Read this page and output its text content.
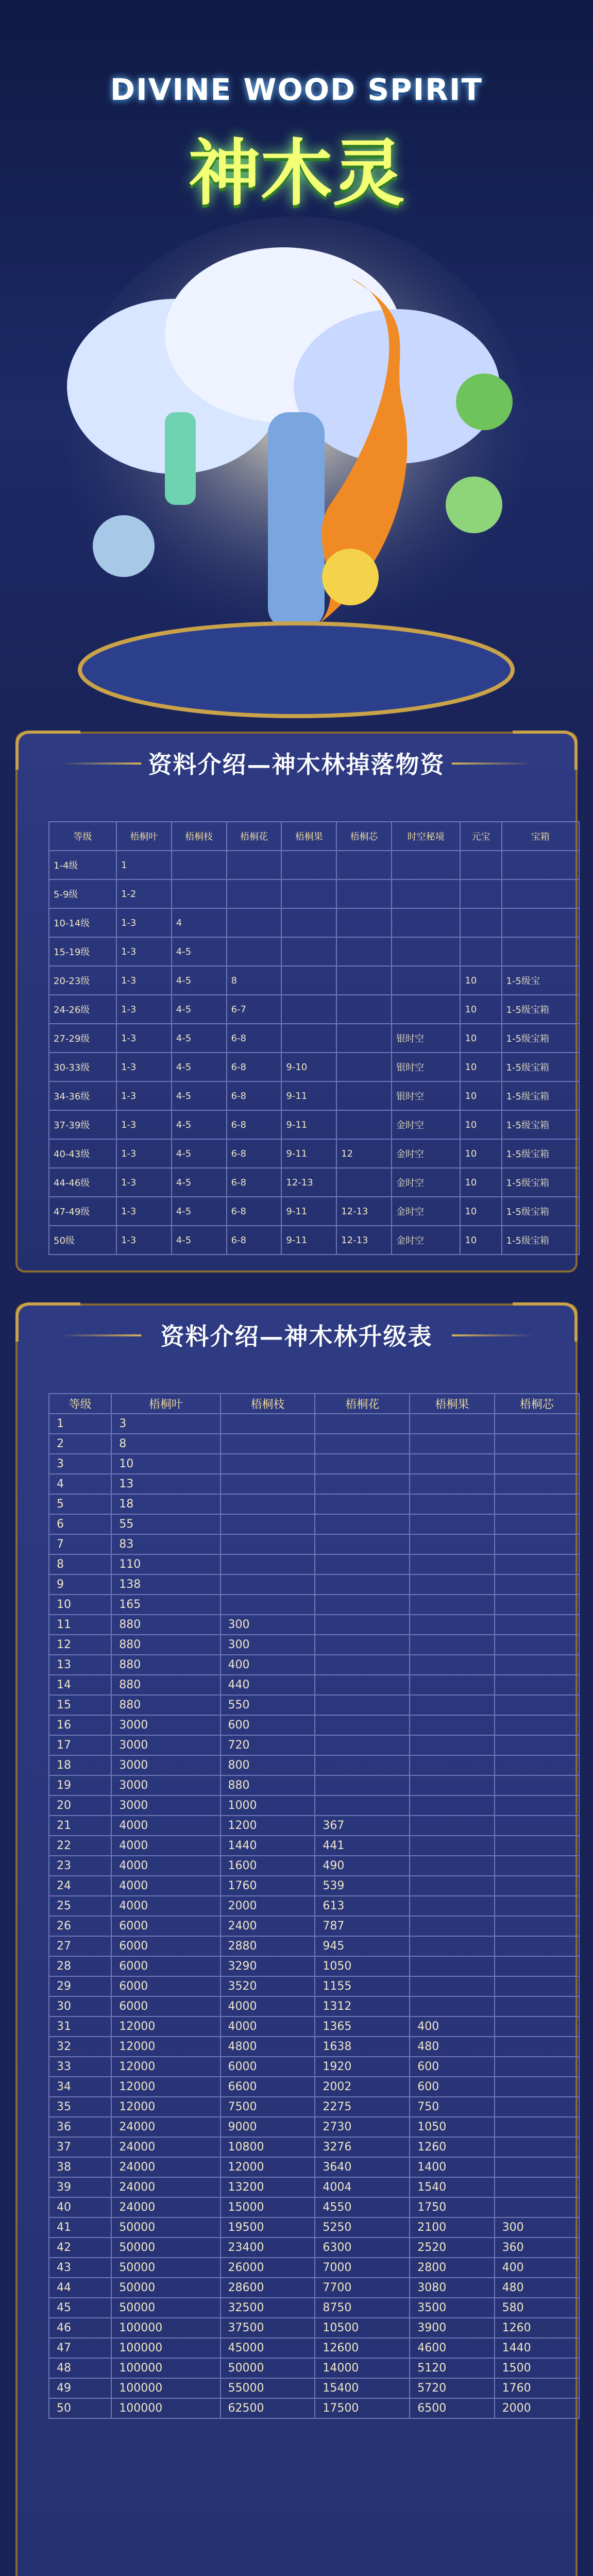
DIVINE WOOD SPIRIT
神木灵
资料介绍—神木林掉落物资
等级	梧桐叶	梧桐枝	梧桐花	梧桐果	梧桐芯	时空秘境	元宝	宝箱
1-4级	1							
5-9级	1-2							
10-14级	1-3	4						
15-19级	1-3	4-5						
20-23级	1-3	4-5	8				10	1-5级宝
24-26级	1-3	4-5	6-7				10	1-5级宝箱
27-29级	1-3	4-5	6-8			银时空	10	1-5级宝箱
30-33级	1-3	4-5	6-8	9-10		银时空	10	1-5级宝箱
34-36级	1-3	4-5	6-8	9-11		银时空	10	1-5级宝箱
37-39级	1-3	4-5	6-8	9-11		金时空	10	1-5级宝箱
40-43级	1-3	4-5	6-8	9-11	12	金时空	10	1-5级宝箱
44-46级	1-3	4-5	6-8	12-13		金时空	10	1-5级宝箱
47-49级	1-3	4-5	6-8	9-11	12-13	金时空	10	1-5级宝箱
50级	1-3	4-5	6-8	9-11	12-13	金时空	10	1-5级宝箱
资料介绍—神木林升级表
等级	梧桐叶	梧桐枝	梧桐花	梧桐果	梧桐芯
1	3				
2	8				
3	10				
4	13				
5	18				
6	55				
7	83				
8	110				
9	138				
10	165				
11	880	300			
12	880	300			
13	880	400			
14	880	440			
15	880	550			
16	3000	600			
17	3000	720			
18	3000	800			
19	3000	880			
20	3000	1000			
21	4000	1200	367		
22	4000	1440	441		
23	4000	1600	490		
24	4000	1760	539		
25	4000	2000	613		
26	6000	2400	787		
27	6000	2880	945		
28	6000	3290	1050		
29	6000	3520	1155		
30	6000	4000	1312		
31	12000	4000	1365	400	
32	12000	4800	1638	480	
33	12000	6000	1920	600	
34	12000	6600	2002	600	
35	12000	7500	2275	750	
36	24000	9000	2730	1050	
37	24000	10800	3276	1260	
38	24000	12000	3640	1400	
39	24000	13200	4004	1540	
40	24000	15000	4550	1750	
41	50000	19500	5250	2100	300
42	50000	23400	6300	2520	360
43	50000	26000	7000	2800	400
44	50000	28600	7700	3080	480
45	50000	32500	8750	3500	580
46	100000	37500	10500	3900	1260
47	100000	45000	12600	4600	1440
48	100000	50000	14000	5120	1500
49	100000	55000	15400	5720	1760
50	100000	62500	17500	6500	2000
